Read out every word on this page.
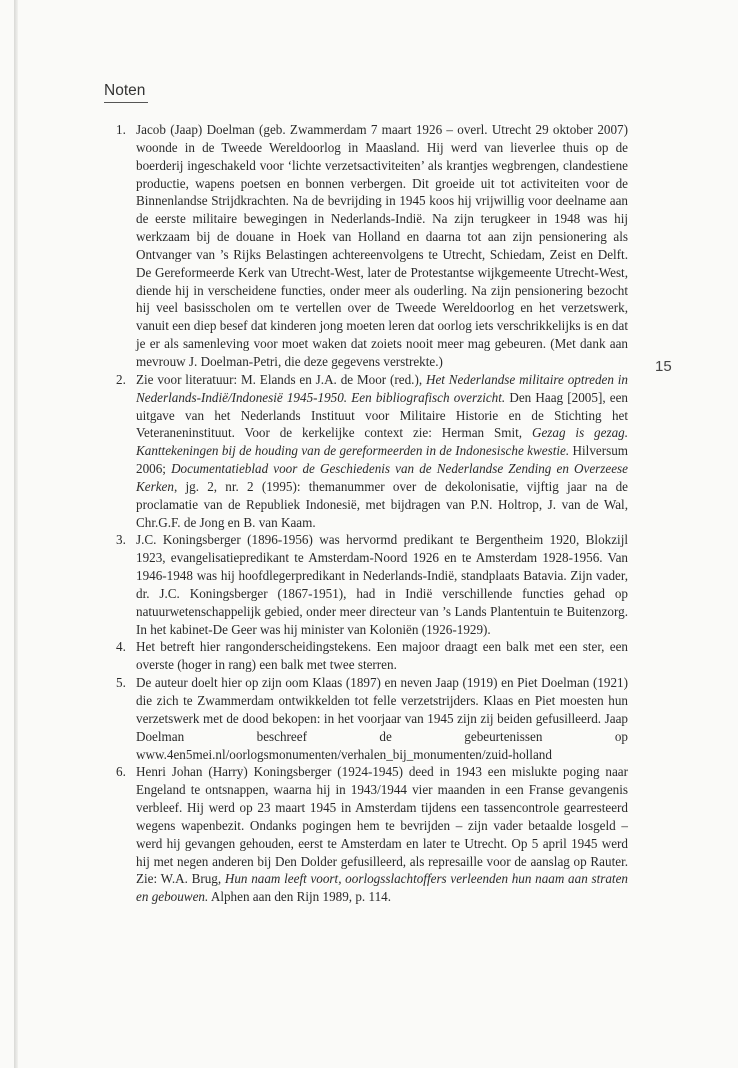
Noten
15
1. Jacob (Jaap) Doelman (geb. Zwammerdam 7 maart 1926 – overl. Utrecht 29 oktober 2007) woonde in de Tweede Wereldoorlog in Maasland. Hij werd van lieverlee thuis op de boerderij ingeschakeld voor ‘lichte verzetsactiviteiten’ als krantjes wegbrengen, clandestiene productie, wapens poetsen en bonnen verbergen. Dit groeide uit tot activiteiten voor de Binnenlandse Strijdkrachten. Na de bevrijding in 1945 koos hij vrijwillig voor deelname aan de eerste militaire bewegingen in Nederlands-Indië. Na zijn terugkeer in 1948 was hij werkzaam bij de douane in Hoek van Holland en daarna tot aan zijn pensionering als Ontvanger van ’s Rijks Belastingen achtereenvolgens te Utrecht, Schiedam, Zeist en Delft. De Gereformeerde Kerk van Utrecht-West, later de Protestantse wijkgemeente Utrecht-West, diende hij in verscheidene functies, onder meer als ouderling. Na zijn pensionering bezocht hij veel basisscholen om te vertellen over de Tweede Wereldoorlog en het verzetswerk, vanuit een diep besef dat kinderen jong moeten leren dat oorlog iets verschrikkelijks is en dat je er als samenleving voor moet waken dat zoiets nooit meer mag gebeuren. (Met dank aan mevrouw J. Doelman-Petri, die deze gegevens verstrekte.)

2. Zie voor literatuur: M. Elands en J.A. de Moor (red.), Het Nederlandse militaire optreden in Nederlands-Indië/Indonesië 1945-1950. Een bibliografisch overzicht. Den Haag [2005], een uitgave van het Nederlands Instituut voor Militaire Historie en de Stichting het Veteraneninstituut. Voor de kerkelijke context zie: Herman Smit, Gezag is gezag. Kanttekeningen bij de houding van de gereformeerden in de Indonesische kwestie. Hilversum 2006; Documentatieblad voor de Geschiedenis van de Nederlandse Zending en Overzeese Kerken, jg. 2, nr. 2 (1995): themanummer over de dekolonisatie, vijftig jaar na de proclamatie van de Republiek Indonesië, met bijdragen van P.N. Holtrop, J. van de Wal, Chr.G.F. de Jong en B. van Kaam.

3. J.C. Koningsberger (1896-1956) was hervormd predikant te Bergentheim 1920, Blokzijl 1923, evangelisatiepredikant te Amsterdam-Noord 1926 en te Amsterdam 1928-1956. Van 1946-1948 was hij hoofdlegerpredikant in Nederlands-Indië, standplaats Batavia. Zijn vader, dr. J.C. Koningsberger (1867-1951), had in Indië verschillende functies gehad op natuurwetenschappelijk gebied, onder meer directeur van ’s Lands Plantentuin te Buitenzorg. In het kabinet-De Geer was hij minister van Koloniën (1926-1929).

4. Het betreft hier rangonderscheidingstekens. Een majoor draagt een balk met een ster, een overste (hoger in rang) een balk met twee sterren.

5. De auteur doelt hier op zijn oom Klaas (1897) en neven Jaap (1919) en Piet Doelman (1921) die zich te Zwammerdam ontwikkelden tot felle verzetstrijders. Klaas en Piet moesten hun verzetswerk met de dood bekopen: in het voorjaar van 1945 zijn zij beiden gefusilleerd. Jaap Doelman beschreef de gebeurtenissen op www.4en5mei.nl/oorlogsmonumenten/verhalen_bij_​monumenten/zuid-holland

6. Henri Johan (Harry) Koningsberger (1924-1945) deed in 1943 een mislukte poging naar Engeland te ontsnappen, waarna hij in 1943/1944 vier maanden in een Franse gevangenis verbleef. Hij werd op 23 maart 1945 in Amsterdam tijdens een tassencontrole gearresteerd wegens wapenbezit. Ondanks pogingen hem te bevrijden – zijn vader betaalde losgeld – werd hij gevangen gehouden, eerst te Amsterdam en later te Utrecht. Op 5 april 1945 werd hij met negen anderen bij Den Dolder gefusilleerd, als represaille voor de aanslag op Rauter. Zie: W.A. Brug, Hun naam leeft voort, oorlogsslachtoffers verleenden hun naam aan straten en gebouwen. Alphen aan den Rijn 1989, p. 114.
